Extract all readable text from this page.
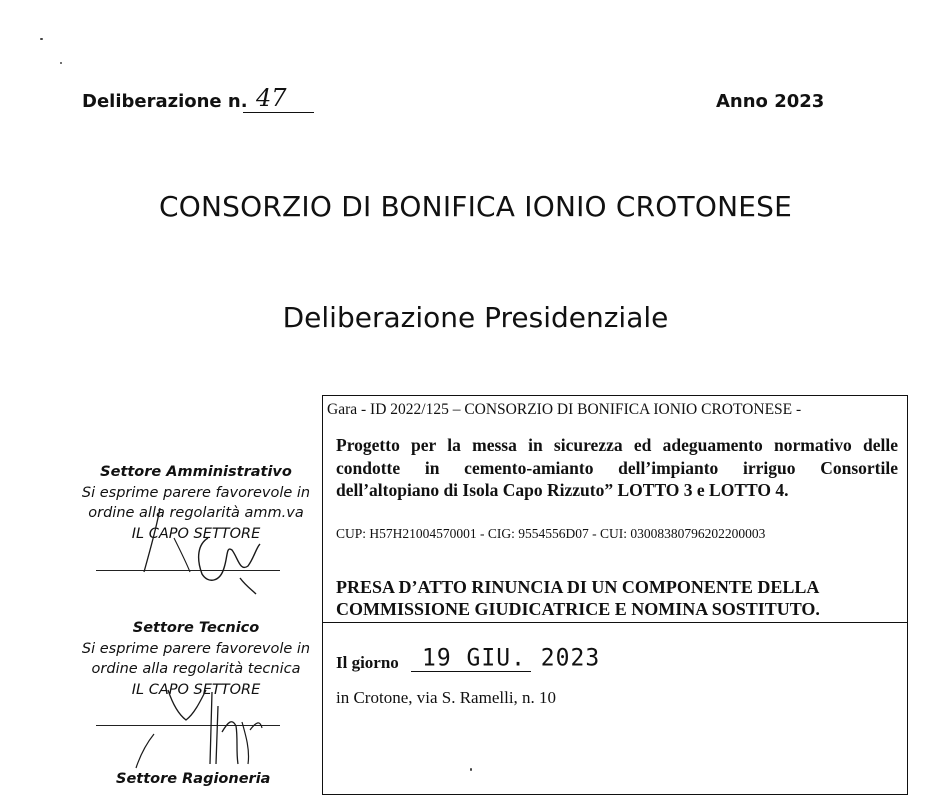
Deliberazione n. 47	Anno 2023
CONSORZIO DI BONIFICA IONIO CROTONESE
Deliberazione Presidenziale
Settore Amministrativo
Si esprime parere favorevole in
ordine alla regolarità amm.va
IL CAPO SETTORE
Settore Tecnico
Si esprime parere favorevole in
ordine alla regolarità tecnica
IL CAPO SETTORE
Settore Ragioneria
Gara - ID 2022/125 – CONSORZIO DI BONIFICA IONIO CROTONESE -
Progetto per la messa in sicurezza ed adeguamento normativo delle condotte in cemento-amianto dell’impianto irriguo Consortile dell’altopiano di Isola Capo Rizzuto” LOTTO 3 e LOTTO 4.
CUP: H57H21004570001 - CIG: 9554556D07 - CUI: 03008380796202200003
PRESA D’ATTO RINUNCIA DI UN COMPONENTE DELLA
COMMISSIONE GIUDICATRICE E NOMINA SOSTITUTO.
Il giorno 19 GIU. 2023
in Crotone, via S. Ramelli, n. 10
